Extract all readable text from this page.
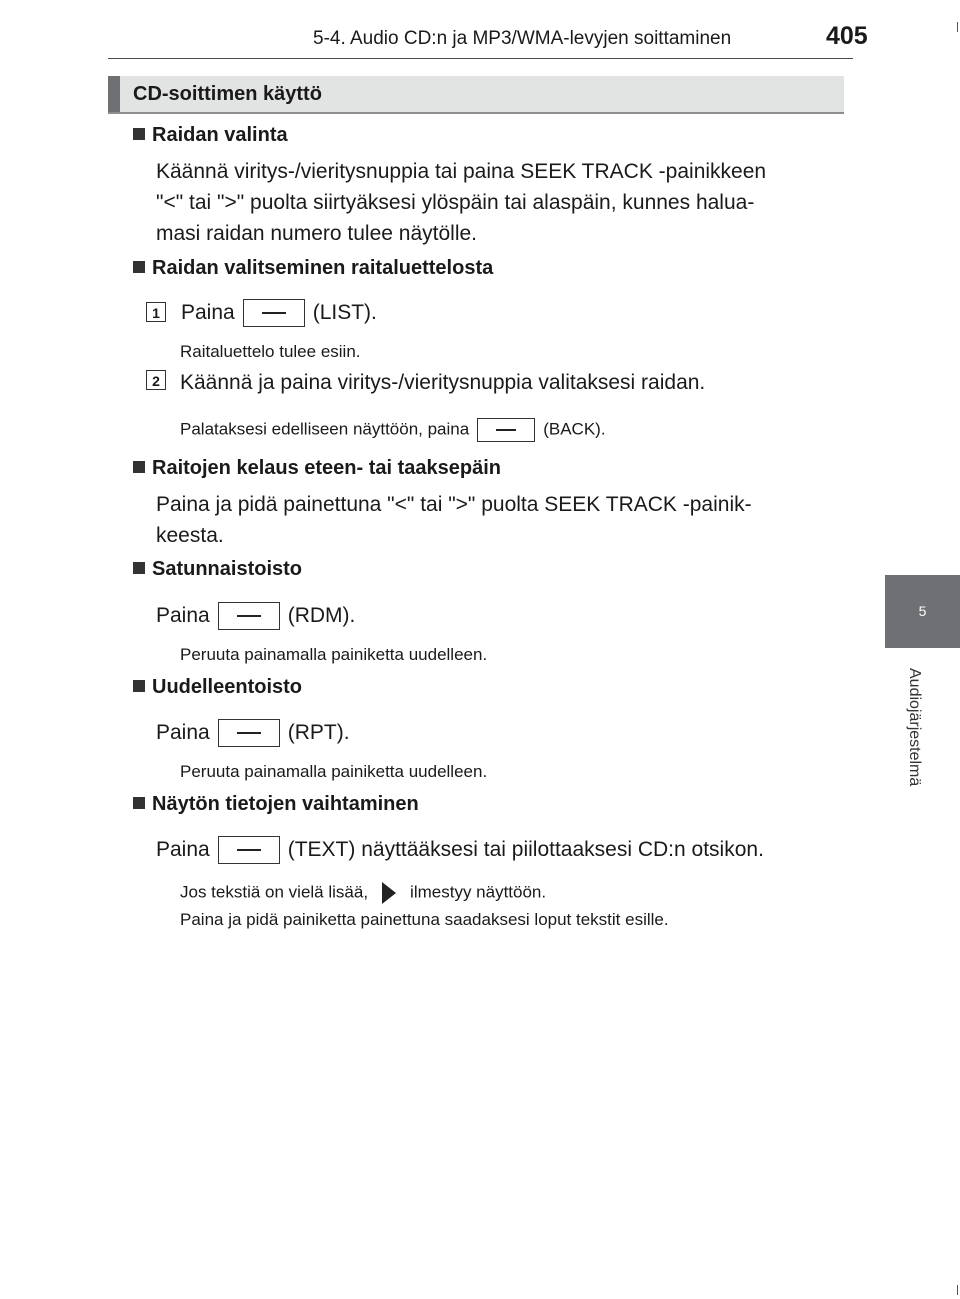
5-4. Audio CD:n ja MP3/WMA-levyjen soittaminen	405
5
Audiojärjestelmä
CD-soittimen käyttö
Raidan valinta
Käännä viritys-/vieritysnuppia tai paina SEEK TRACK -painikkeen
"<" tai ">" puolta siirtyäksesi ylöspäin tai alaspäin, kunnes halua-
masi raidan numero tulee näytölle.
Raidan valitseminen raitaluettelosta
1 Paina	(LIST).
Raitaluettelo tulee esiin.
2 Käännä ja paina viritys-/vieritysnuppia valitaksesi raidan.
Palataksesi edelliseen näyttöön, paina	(BACK).
Raitojen kelaus eteen- tai taaksepäin
Paina ja pidä painettuna "<" tai ">" puolta SEEK TRACK -painik-
keesta.
Satunnaistoisto
Paina	(RDM).
Peruuta painamalla painiketta uudelleen.
Uudelleentoisto
Paina	(RPT).
Peruuta painamalla painiketta uudelleen.
Näytön tietojen vaihtaminen
Paina	(TEXT) näyttääksesi tai piilottaaksesi CD:n otsikon.
Jos tekstiä on vielä lisää, ilmestyy näyttöön.
Paina ja pidä painiketta painettuna saadaksesi loput tekstit esille.
